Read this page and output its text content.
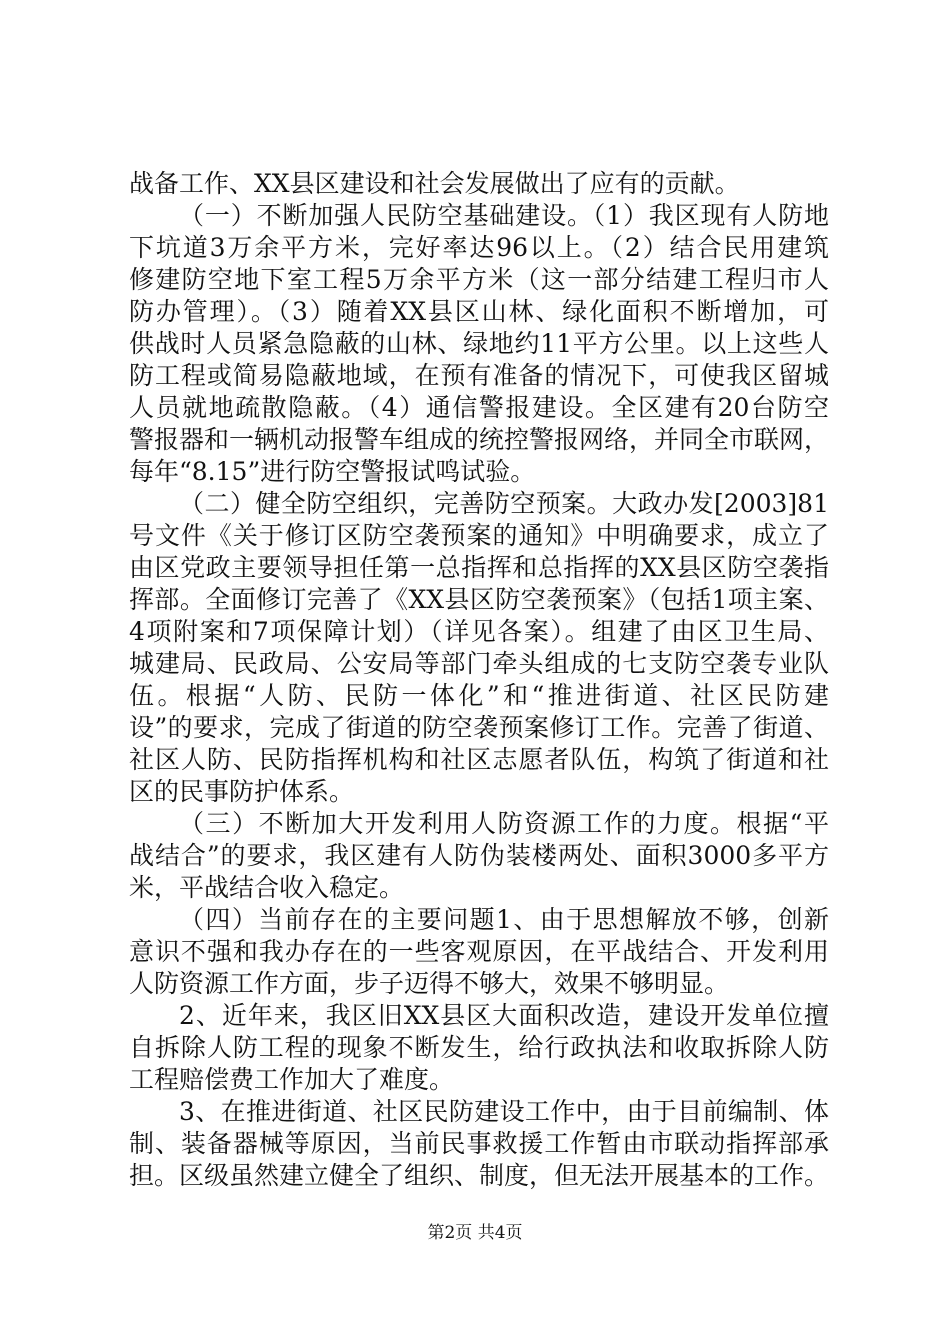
战备工作、XX县区建设和社会发展做出了应有的贡献。
（一）不断加强人民防空基础建设。（1）我区现有人防地
下坑道3万余平方米，完好率达96以上。（2）结合民用建筑
修建防空地下室工程5万余平方米（这一部分结建工程归市人
防办管理）。（3）随着XX县区山林、绿化面积不断增加，可
供战时人员紧急隐蔽的山林、绿地约11平方公里。以上这些人
防工程或简易隐蔽地域，在预有准备的情况下，可使我区留城
人员就地疏散隐蔽。（4）通信警报建设。全区建有20台防空
警报器和一辆机动报警车组成的统控警报网络，并同全市联网，
每年“8.15”进行防空警报试鸣试验。
（二）健全防空组织，完善防空预案。大政办发[2003]81
号文件《关于修订区防空袭预案的通知》中明确要求，成立了
由区党政主要领导担任第一总指挥和总指挥的XX县区防空袭指
挥部。全面修订完善了《XX县区防空袭预案》（包括1项主案、
4项附案和7项保障计划）（详见各案）。组建了由区卫生局、
城建局、民政局、公安局等部门牵头组成的七支防空袭专业队
伍。根据“人防、民防一体化”和“推进街道、社区民防建
设”的要求，完成了街道的防空袭预案修订工作。完善了街道、
社区人防、民防指挥机构和社区志愿者队伍，构筑了街道和社
区的民事防护体系。
（三）不断加大开发利用人防资源工作的力度。根据“平
战结合”的要求，我区建有人防伪装楼两处、面积3000多平方
米，平战结合收入稳定。
（四）当前存在的主要问题1、由于思想解放不够，创新
意识不强和我办存在的一些客观原因，在平战结合、开发利用
人防资源工作方面，步子迈得不够大，效果不够明显。
2、近年来，我区旧XX县区大面积改造，建设开发单位擅
自拆除人防工程的现象不断发生，给行政执法和收取拆除人防
工程赔偿费工作加大了难度。
3、在推进街道、社区民防建设工作中，由于目前编制、体
制、装备器械等原因，当前民事救援工作暂由市联动指挥部承
担。区级虽然建立健全了组织、制度，但无法开展基本的工作。
第2页 共4页
